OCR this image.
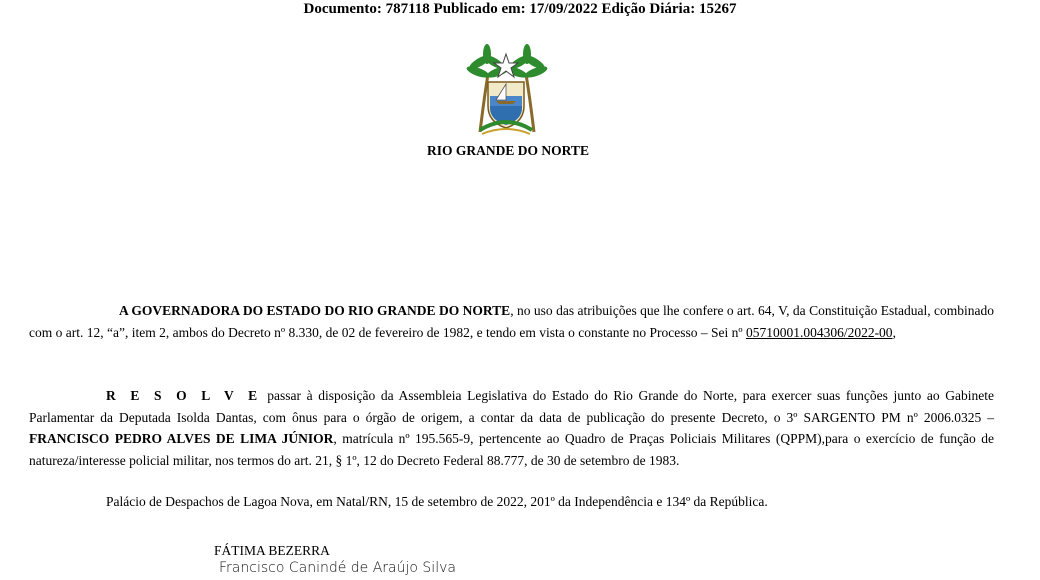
Documento: 787118 Publicado em: 17/09/2022 Edição Diária: 15267
RIO GRANDE DO NORTE

A GOVERNADORA DO ESTADO DO RIO GRANDE DO NORTE, no uso das atribuições que lhe confere o art. 64, V, da Constituição Estadual, combinado com o art. 12, “a”, item 2, ambos do Decreto nº 8.330, de 02 de fevereiro de 1982, e tendo em vista o constante no Processo – Sei nº 05710001.004306/2022-00,

R E S O L V E passar à disposição da Assembleia Legislativa do Estado do Rio Grande do Norte, para exercer suas funções junto ao Gabinete Parlamentar da Deputada Isolda Dantas, com ônus para o órgão de origem, a contar da data de publicação do presente Decreto, o 3º SARGENTO PM nº 2006.0325 – FRANCISCO PEDRO ALVES DE LIMA JÚNIOR, matrícula nº 195.565-9, pertencente ao Quadro de Praças Policiais Militares (QPPM),para o exercício de função de natureza/interesse policial militar, nos termos do art. 21, § 1º, 12 do Decreto Federal 88.777, de 30 de setembro de 1983.

Palácio de Despachos de Lagoa Nova, em Natal/RN, 15 de setembro de 2022, 201º da Independência e 134º da República.

FÁTIMA BEZERRA
Francisco Canindé de Araújo Silva
